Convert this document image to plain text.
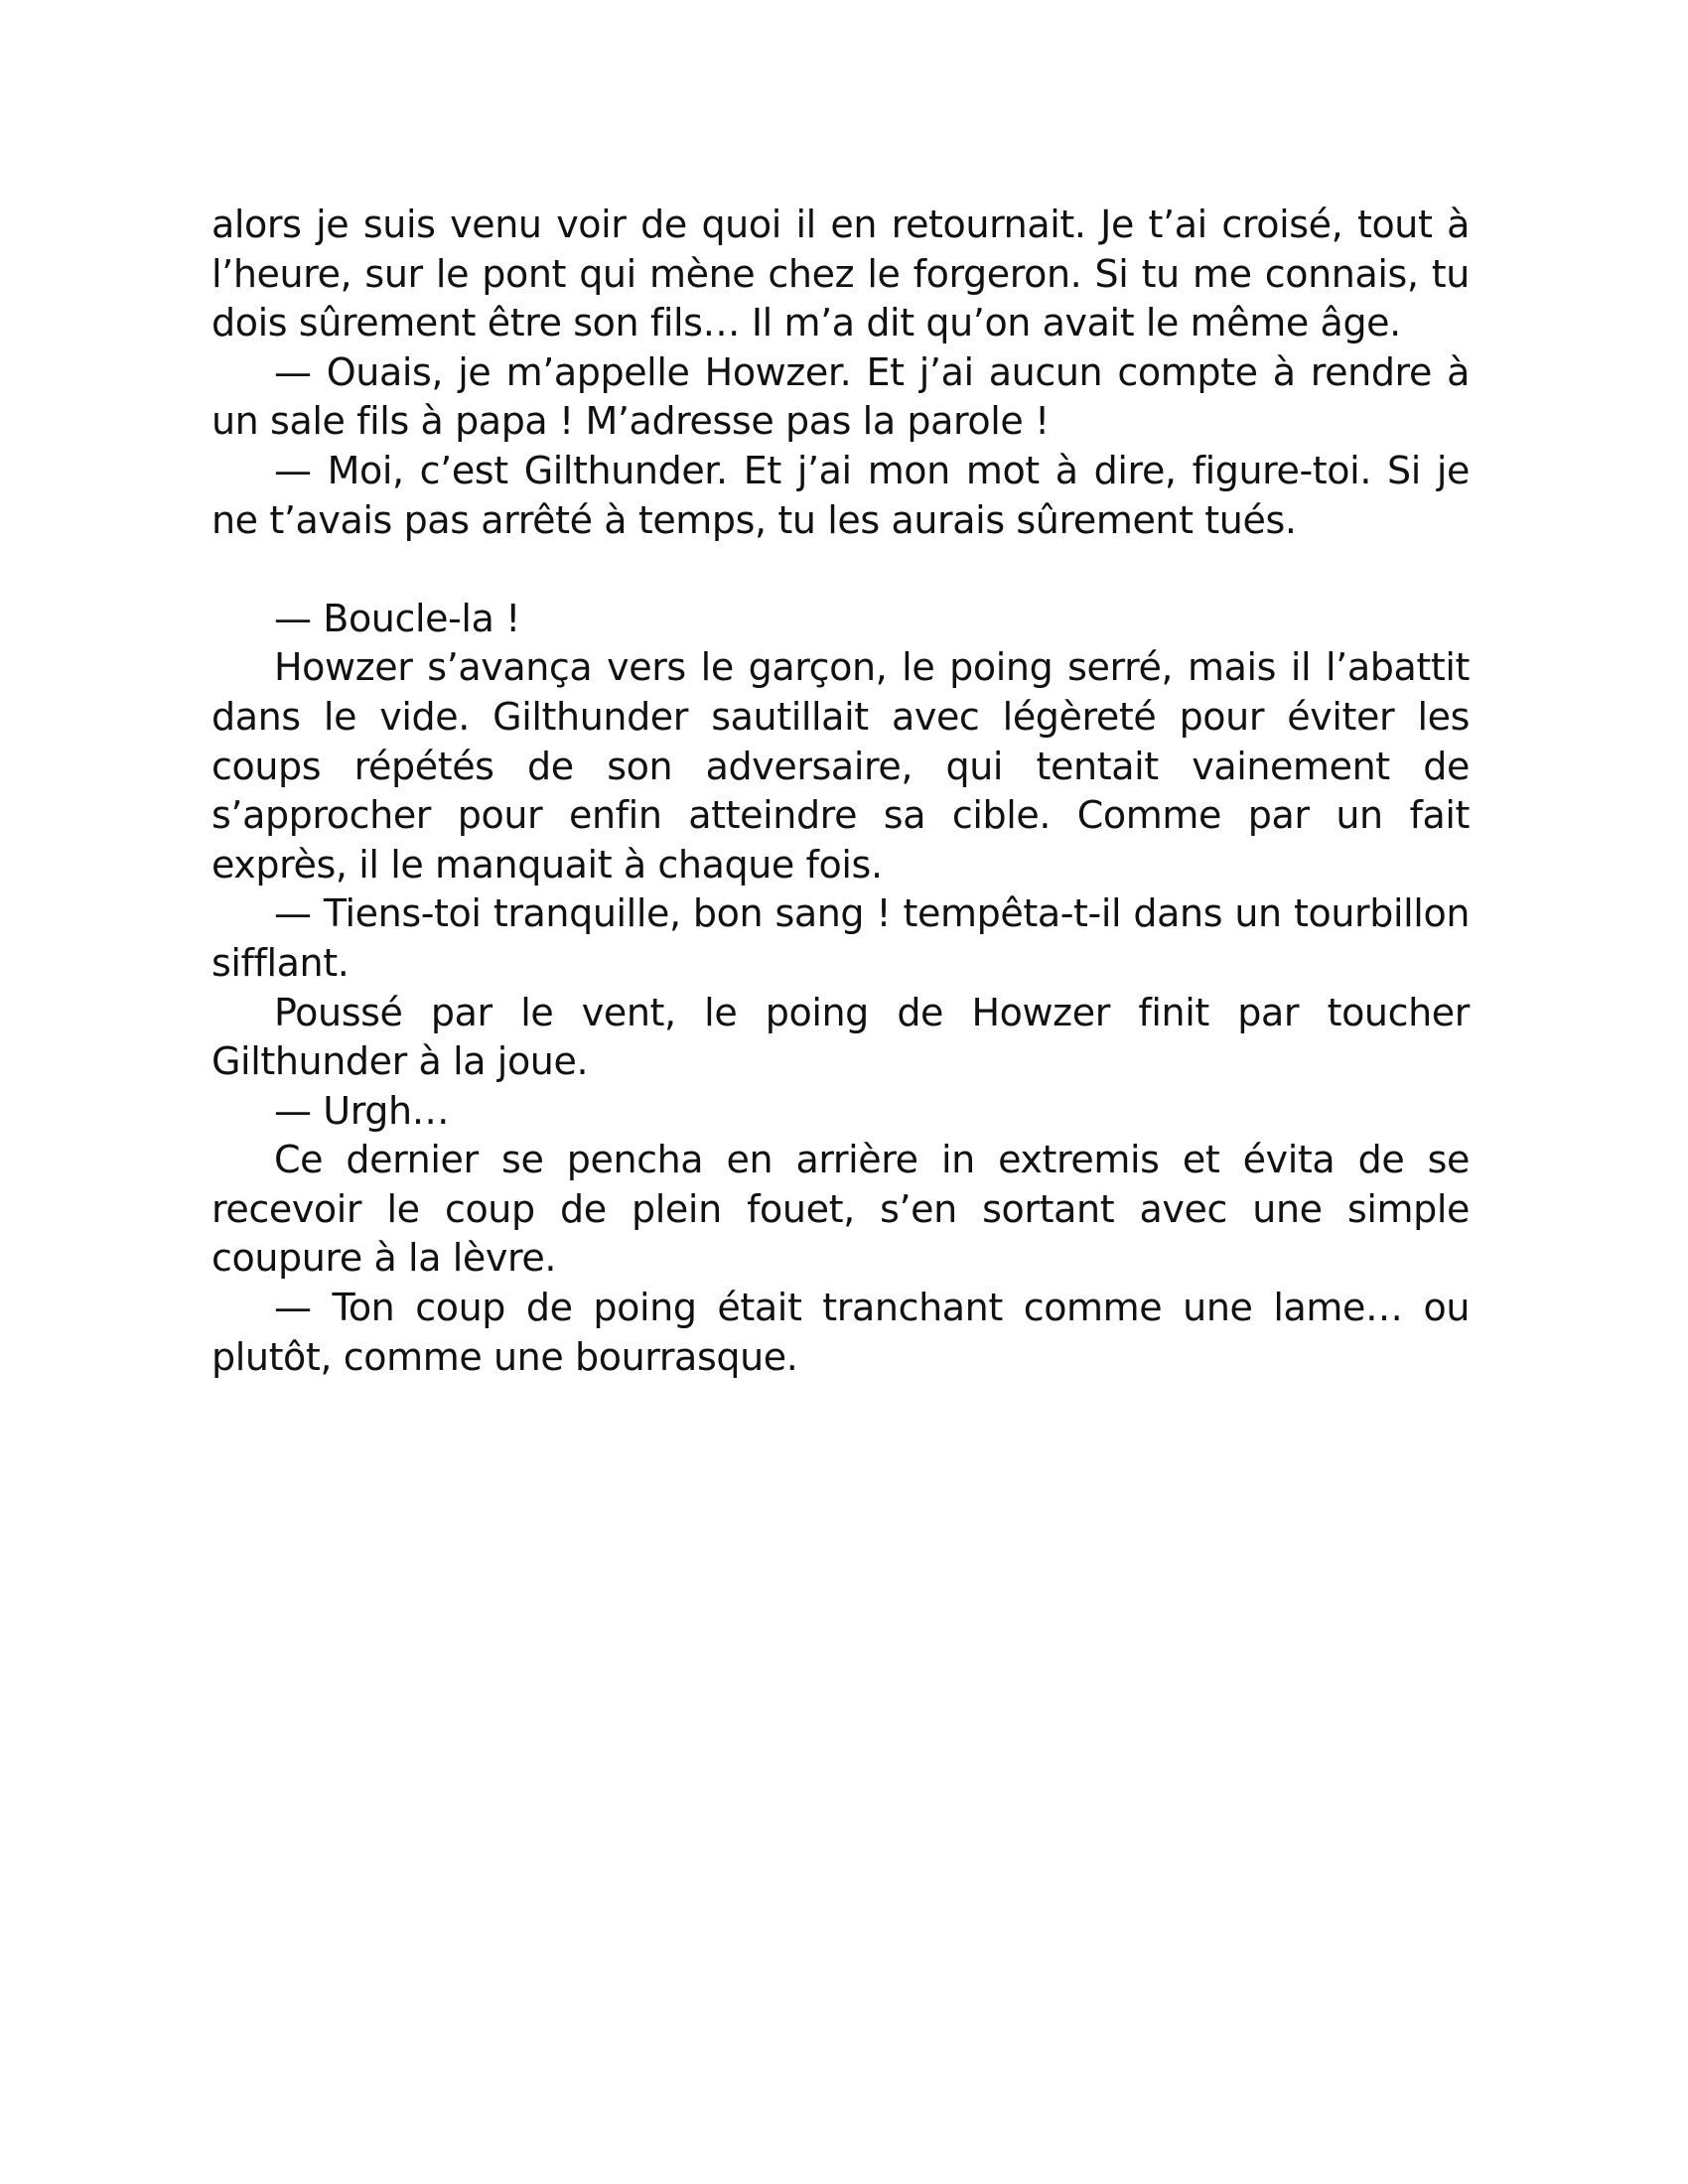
alors je suis venu voir de quoi il en retournait. Je t’ai croisé, tout à l’heure, sur le pont qui mène chez le forgeron. Si tu me connais, tu dois sûrement être son fils… Il m’a dit qu’on avait le même âge.

— Ouais, je m’appelle Howzer. Et j’ai aucun compte à rendre à un sale fils à papa ! M’adresse pas la parole !

— Moi, c’est Gilthunder. Et j’ai mon mot à dire, figure-toi. Si je ne t’avais pas arrêté à temps, tu les aurais sûrement tués.

— Boucle-la !

Howzer s’avança vers le garçon, le poing serré, mais il l’abattit dans le vide. Gilthunder sautillait avec légèreté pour éviter les coups répétés de son adversaire, qui tentait vainement de s’approcher pour enfin atteindre sa cible. Comme par un fait exprès, il le manquait à chaque fois.

— Tiens-toi tranquille, bon sang ! tempêta-t-il dans un tourbillon sifflant.

Poussé par le vent, le poing de Howzer finit par toucher Gilthunder à la joue.

— Urgh…

Ce dernier se pencha en arrière in extremis et évita de se recevoir le coup de plein fouet, s’en sortant avec une simple coupure à la lèvre.

— Ton coup de poing était tranchant comme une lame… ou plutôt, comme une bourrasque.
